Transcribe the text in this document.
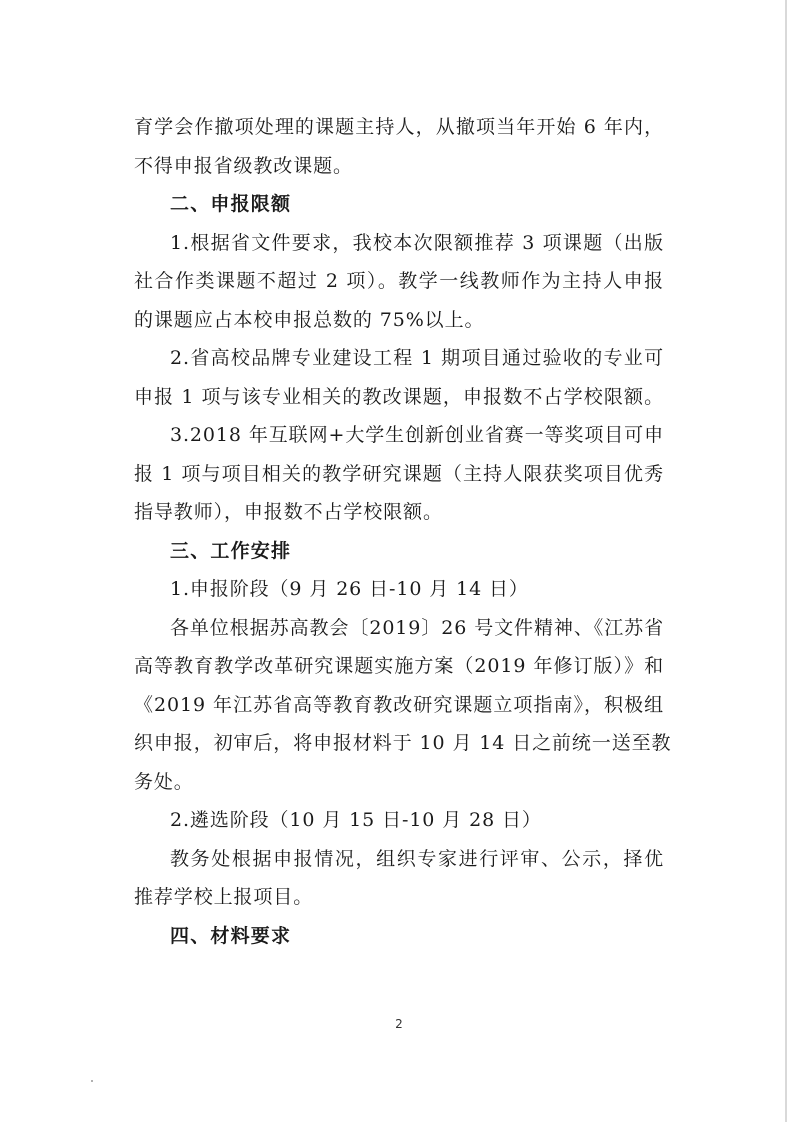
育学会作撤项处理的课题主持人，从撤项当年开始 6 年内，
不得申报省级教改课题。
二、申报限额
1.根据省文件要求，我校本次限额推荐 3 项课题（出版
社合作类课题不超过 2 项）。教学一线教师作为主持人申报
的课题应占本校申报总数的 75%以上。
2.省高校品牌专业建设工程 1 期项目通过验收的专业可
申报 1 项与该专业相关的教改课题，申报数不占学校限额。
3.2018 年互联网+大学生创新创业省赛一等奖项目可申
报 1 项与项目相关的教学研究课题（主持人限获奖项目优秀
指导教师），申报数不占学校限额。
三、工作安排
1.申报阶段（9 月 26 日-10 月 14 日）
各单位根据苏高教会〔2019〕26 号文件精神、《江苏省
高等教育教学改革研究课题实施方案（2019 年修订版）》和
《2019 年江苏省高等教育教改研究课题立项指南》，积极组
织申报，初审后，将申报材料于 10 月 14 日之前统一送至教
务处。
2.遴选阶段（10 月 15 日-10 月 28 日）
教务处根据申报情况，组织专家进行评审、公示，择优
推荐学校上报项目。
四、材料要求
2
